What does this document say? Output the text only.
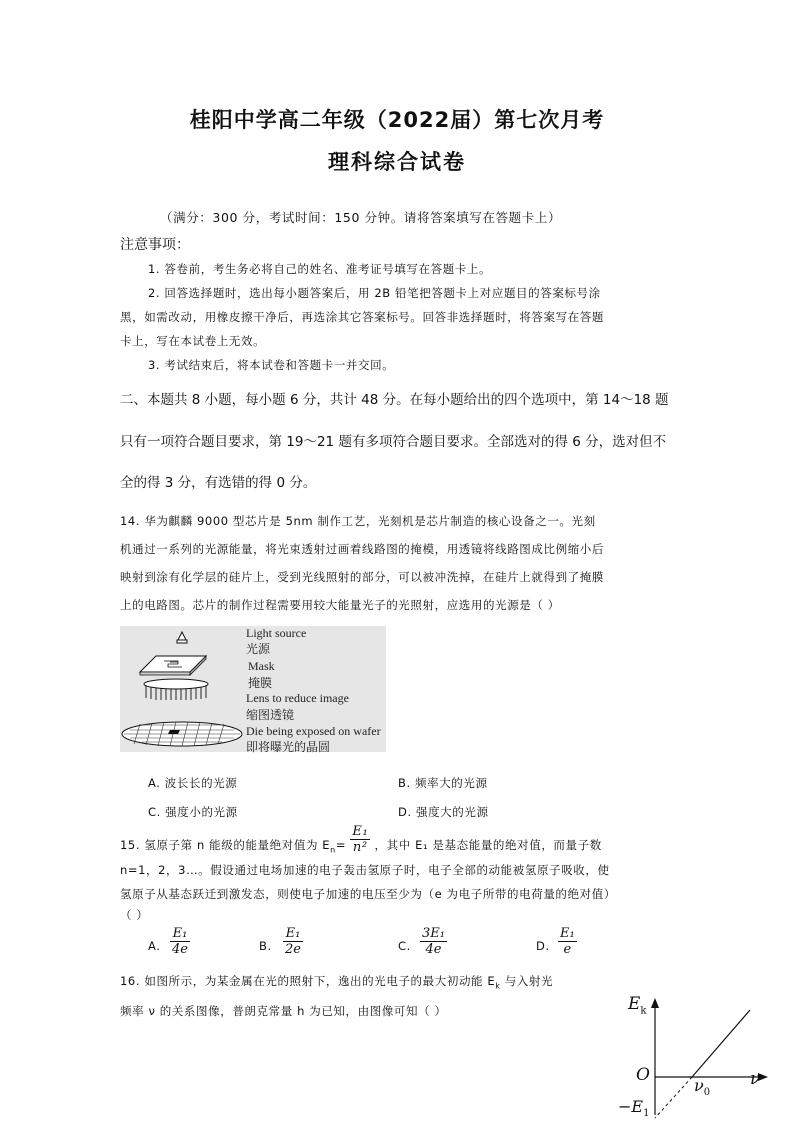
桂阳中学高二年级（2022届）第七次月考
理科综合试卷
（满分：300 分，考试时间：150 分钟。请将答案填写在答题卡上）
注意事项：
1. 答卷前，考生务必将自己的姓名、准考证号填写在答题卡上。
2. 回答选择题时，选出每小题答案后，用 2B 铅笔把答题卡上对应题目的答案标号涂
黑，如需改动，用橡皮擦干净后，再选涂其它答案标号。回答非选择题时，将答案写在答题
卡上，写在本试卷上无效。
3. 考试结束后，将本试卷和答题卡一并交回。
二、本题共 8 小题，每小题 6 分，共计 48 分。在每小题给出的四个选项中，第 14～18 题
只有一项符合题目要求，第 19～21 题有多项符合题目要求。全部选对的得 6 分，选对但不
全的得 3 分，有选错的得 0 分。
14. 华为麒麟 9000 型芯片是 5nm 制作工艺，光刻机是芯片制造的核心设备之一。光刻
机通过一系列的光源能量，将光束透射过画着线路图的掩模，用透镜将线路图成比例缩小后
映射到涂有化学层的硅片上，受到光线照射的部分，可以被冲洗掉，在硅片上就得到了掩膜
上的电路图。芯片的制作过程需要用较大能量光子的光照射，应选用的光源是（ ）
Light source
光源
Mask
掩膜
Lens to reduce image
缩图透镜
Die being exposed on wafer
即将曝光的晶圆
A. 波长长的光源	B. 频率大的光源
C. 强度小的光源	D. 强度大的光源
15. 氢原子第 n 能级的能量绝对值为 $E_n= \frac{\text{E₁}}{\text{n²}}$ ，其中 E₁ 是基态能量的绝对值，而量子数
n=1，2，3…。假设通过电场加速的电子轰击氢原子时，电子全部的动能被氢原子吸收，使
氢原子从基态跃迁到激发态，则使电子加速的电压至少为（e 为电子所带的电荷量的绝对值）
（ ）
A. $\frac{\text{E₁}}{4e}$	B. $\frac{\text{E₁}}{2e}$	C. $\frac{\text{3E₁}}{4e}$	D. $\frac{\text{E₁}}{e}$
16. 如图所示，为某金属在光的照射下，逸出的光电子的最大初动能 $E_k$ 与入射光
频率 ν 的关系图像，普朗克常量 h 为已知，由图像可知（ ）	$E_k$
ν
O
$\nu_0$
$-E_1$
